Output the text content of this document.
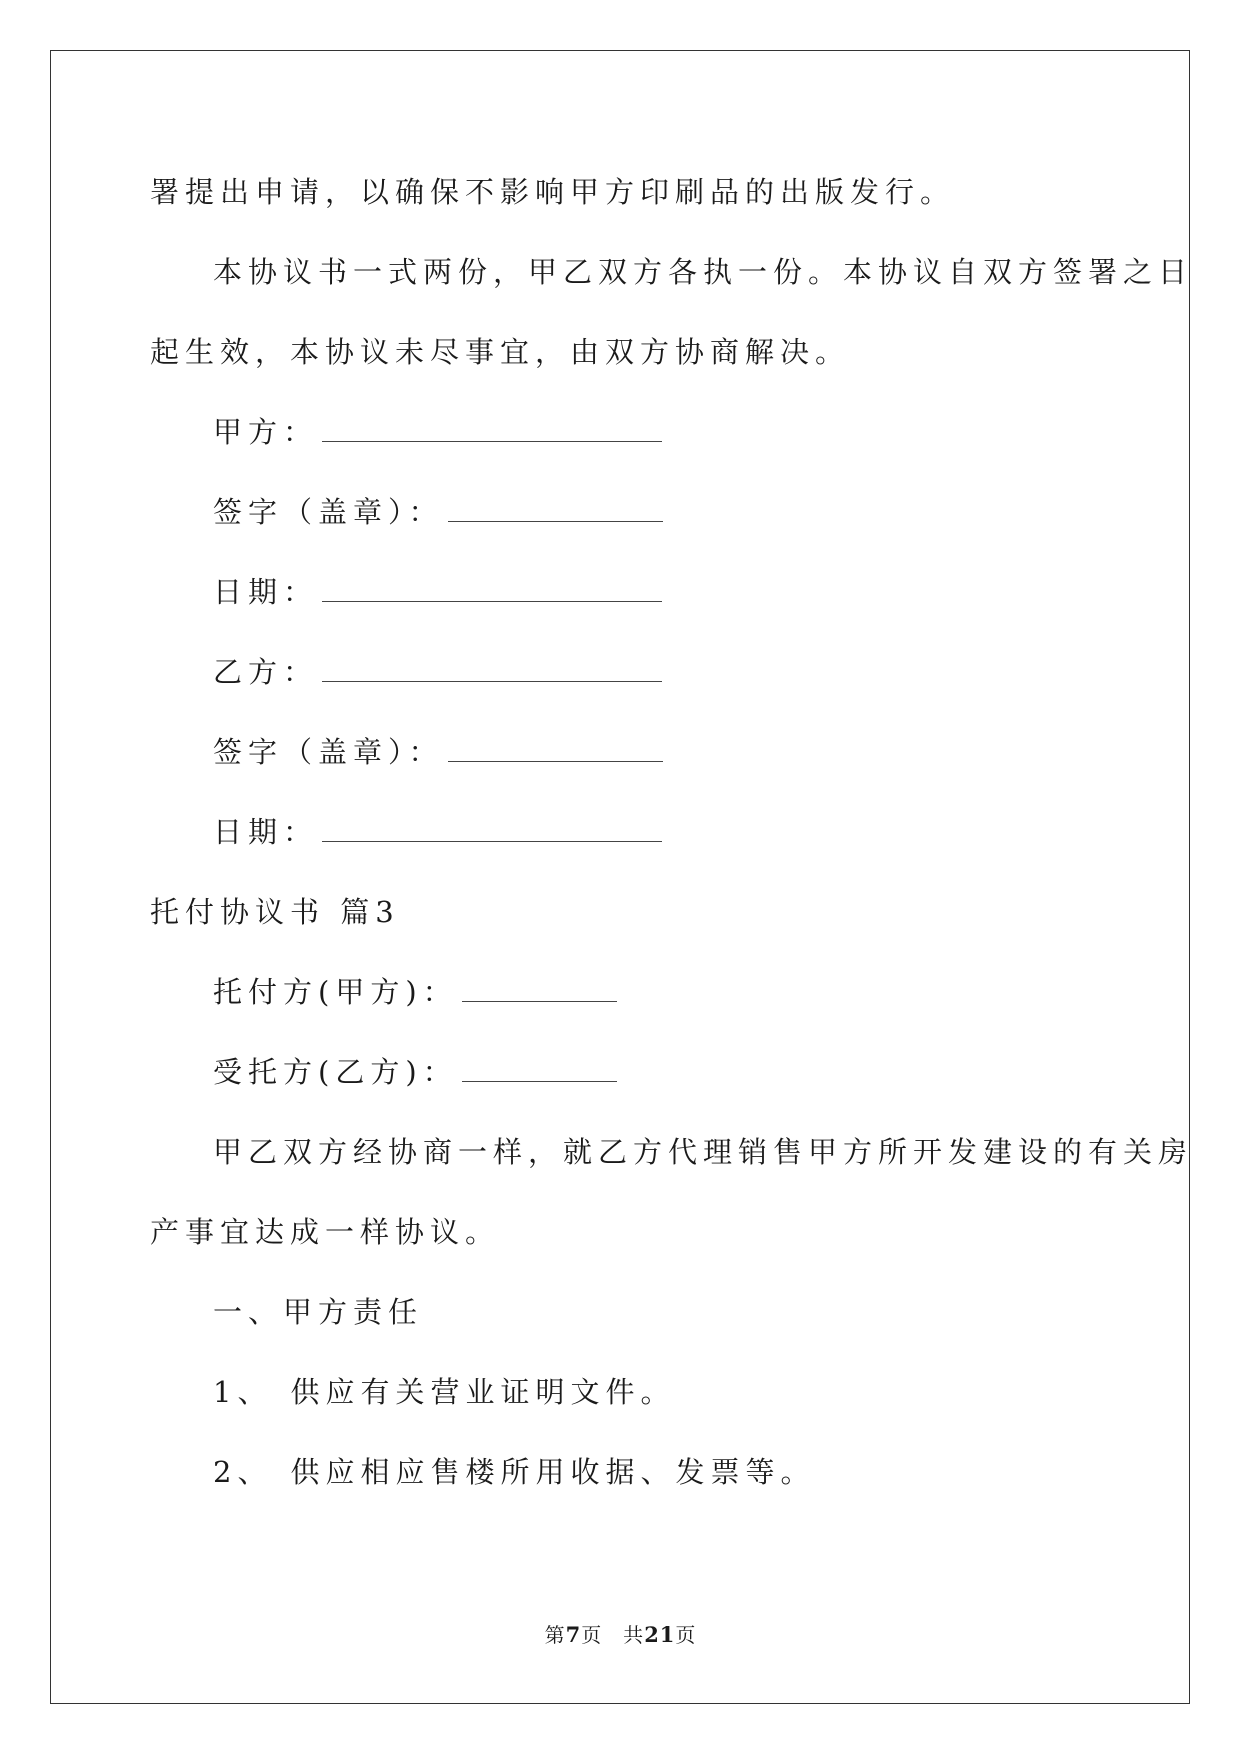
署提出申请，以确保不影响甲方印刷品的出版发行。
本协议书一式两份，甲乙双方各执一份。本协议自双方签署之日
起生效，本协议未尽事宜，由双方协商解决。
甲方：
签字（盖章）：
日期：
乙方：
签字（盖章）：
日期：
托付协议书 篇3
托付方(甲方)：
受托方(乙方)：
甲乙双方经协商一样，就乙方代理销售甲方所开发建设的有关房
产事宜达成一样协议。
一、甲方责任
1、 供应有关营业证明文件。
2、 供应相应售楼所用收据、发票等。
第7页　共21页
